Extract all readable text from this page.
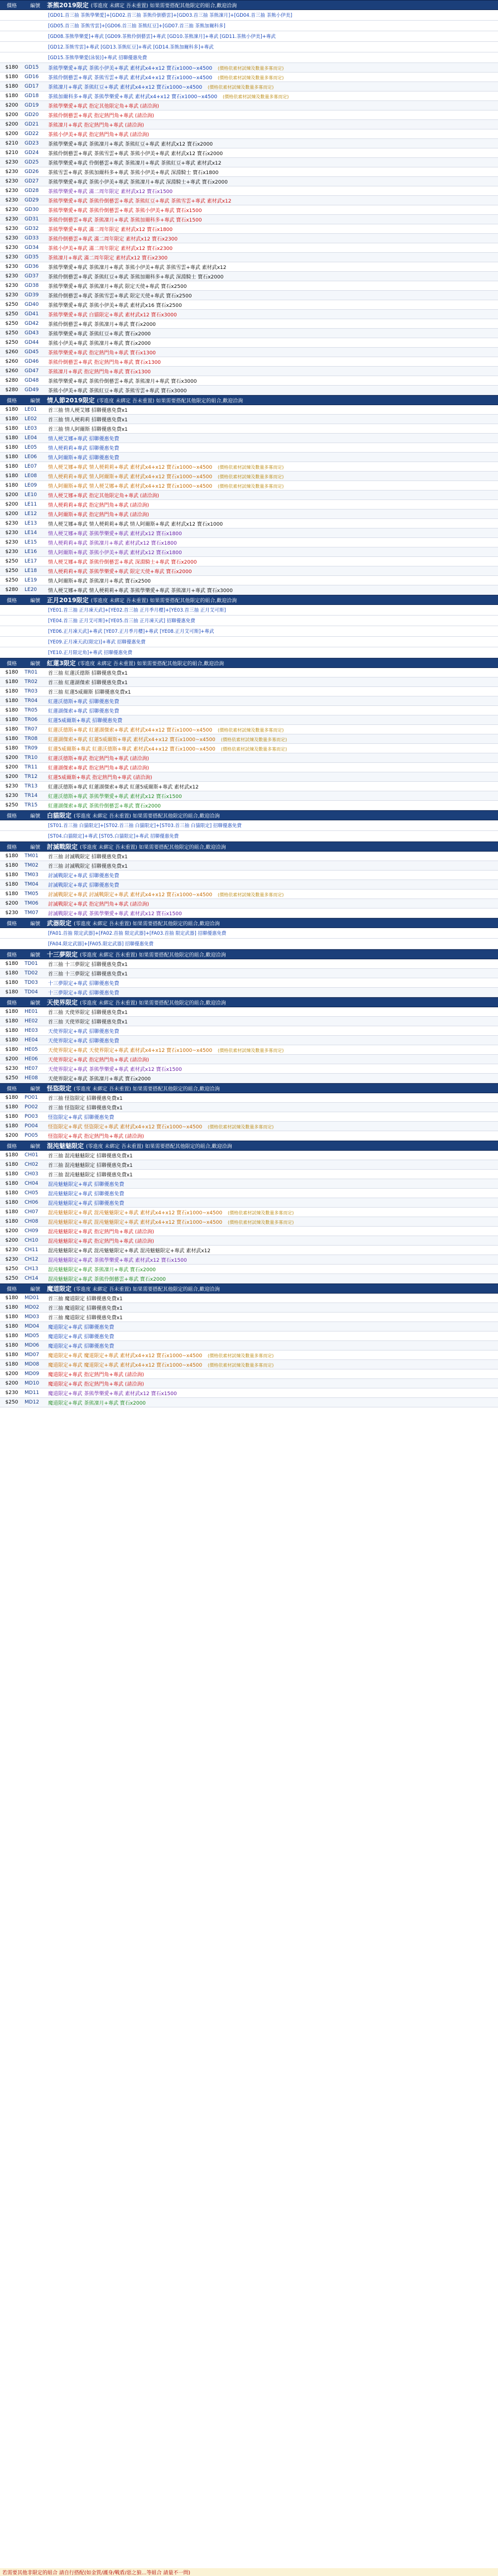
價格	編號	茶熊2019限定 (零進度 未綁定 吾未重置) 如果需要搭配其他限定的組合,歡迎洽詢
[GD01.首三抽 茶熊學樂愛]+[GD02.首三抽 茶熊伶倒藝雲]+[GD03.首三抽 茶熊凜月]+[GD04.首三抽 茶熊小伊美]
[GD05.首三抽 茶熊雪雲]+[GD06.首三抽 茶熊紅豆]+[GD07.首三抽 茶熊加爾科多]
[GD08.茶熊學樂愛]+專武 [GD09.茶熊伶倒藝雲]+專武 [GD10.茶熊凜月]+專武 [GD11.茶熊小伊美]+專武
[GD12.茶熊雪雲]+專武 [GD13.茶熊紅豆]+專武 [GD14.茶熊加爾科多]+專武
[GD15.茶熊學樂愛(泳裝)]+專武 招聯優惠免費
$180	GD15	茶熊學樂愛+專武 茶熊小伊美+專武 素材武x4+x12 寶石x1000~x4500 (價格依素材試煉及數量多寡而定)
$180	GD16	茶熊伶倒藝雲+專武 茶熊雪雲+專武 素材武x4+x12 寶石x1000~x4500 (價格依素材試煉及數量多寡而定)
$180	GD17	茶熊凜月+專武 茶熊紅豆+專武 素材武x4+x12 寶石x1000~x4500 (價格依素材試煉及數量多寡而定)
$180	GD18	茶熊加爾科多+專武 茶熊學樂愛+專武 素材武x4+x12 寶石x1000~x4500 (價格依素材試煉及數量多寡而定)
$200	GD19	茶熊學樂愛+專武 指定其他限定角+專武 (請洽詢)
$200	GD20	茶熊伶倒藝雲+專武 指定熱門角+專武 (請洽詢)
$200	GD21	茶熊凜月+專武 指定熱門角+專武 (請洽詢)
$200	GD22	茶熊小伊美+專武 指定熱門角+專武 (請洽詢)
$210	GD23	茶熊學樂愛+專武 茶熊凜月+專武 茶熊紅豆+專武 素材武x12 寶石x2000
$210	GD24	茶熊伶倒藝雲+專武 茶熊雪雲+專武 茶熊小伊美+專武 素材武x12 寶石x2000
$230	GD25	茶熊學樂愛+專武 伶倒藝雲+專武 茶熊凜月+專武 茶熊紅豆+專武 素材武x12
$230	GD26	茶熊雪雲+專武 茶熊加爾科多+專武 茶熊小伊美+專武 深淵騎士 寶石x1800
$230	GD27	茶熊學樂愛+專武 茶熊小伊美+專武 茶熊凜月+專武 深淵騎士+專武 寶石x2000
$230	GD28	茶熊學樂愛+專武 滿二周年限定 素材武x12 寶石x1500
$230	GD29	茶熊學樂愛+專武 茶熊伶倒藝雲+專武 茶熊紅豆+專武 茶熊雪雲+專武 素材武x12
$230	GD30	茶熊學樂愛+專武 茶熊伶倒藝雲+專武 茶熊小伊美+專武 寶石x1500
$230	GD31	茶熊伶倒藝雲+專武 茶熊凜月+專武 茶熊加爾科多+專武 寶石x1500
$230	GD32	茶熊學樂愛+專武 滿二周年限定 素材武x12 寶石x1800
$230	GD33	茶熊伶倒藝雲+專武 滿二周年限定 素材武x12 寶石x2300
$230	GD34	茶熊小伊美+專武 滿二周年限定 素材武x12 寶石x2300
$230	GD35	茶熊凜月+專武 滿二周年限定 素材武x12 寶石x2300
$230	GD36	茶熊學樂愛+專武 茶熊凜月+專武 茶熊小伊美+專武 茶熊雪雲+專武 素材武x12
$230	GD37	茶熊伶倒藝雲+專武 茶熊紅豆+專武 茶熊加爾科多+專武 深淵騎士 寶石x2000
$230	GD38	茶熊學樂愛+專武 茶熊凜月+專武 限定天使+專武 寶石x2500
$230	GD39	茶熊伶倒藝雲+專武 茶熊雪雲+專武 限定天使+專武 寶石x2500
$250	GD40	茶熊學樂愛+專武 茶熊小伊美+專武 素材武x16 寶石x2500
$250	GD41	茶熊學樂愛+專武 白貓限定+專武 素材武x12 寶石x3000
$250	GD42	茶熊伶倒藝雲+專武 茶熊凜月+專武 寶石x2000
$250	GD43	茶熊學樂愛+專武 茶熊紅豆+專武 寶石x2000
$250	GD44	茶熊小伊美+專武 茶熊凜月+專武 寶石x2000
$260	GD45	茶熊學樂愛+專武 指定熱門角+專武 寶石x1300
$260	GD46	茶熊伶倒藝雲+專武 指定熱門角+專武 寶石x1300
$260	GD47	茶熊凜月+專武 指定熱門角+專武 寶石x1300
$280	GD48	茶熊學樂愛+專武 茶熊伶倒藝雲+專武 茶熊凜月+專武 寶石x3000
$280	GD49	茶熊小伊美+專武 茶熊紅豆+專武 茶熊雪雲+專武 寶石x3000
價格	編號	情人節2019限定 (零進度 未綁定 吾未重置) 如果需要搭配其他限定的組合,歡迎洽詢
$180	LE01	首三抽 情人梗艾娜 招聯優惠免費x1
$180	LE02	首三抽 情人梗莉莉 招聯優惠免費x1
$180	LE03	首三抽 情人阿爾斯 招聯優惠免費x1
$180	LE04	情人梗艾娜+專武 招聯優惠免費
$180	LE05	情人梗莉莉+專武 招聯優惠免費
$180	LE06	情人阿爾斯+專武 招聯優惠免費
$180	LE07	情人梗艾娜+專武 情人梗莉莉+專武 素材武x4+x12 寶石x1000~x4500 (價格依素材試煉及數量多寡而定)
$180	LE08	情人梗莉莉+專武 情人阿爾斯+專武 素材武x4+x12 寶石x1000~x4500 (價格依素材試煉及數量多寡而定)
$180	LE09	情人阿爾斯+專武 情人梗艾娜+專武 素材武x4+x12 寶石x1000~x4500 (價格依素材試煉及數量多寡而定)
$200	LE10	情人梗艾娜+專武 指定其他限定角+專武 (請洽詢)
$200	LE11	情人梗莉莉+專武 指定熱門角+專武 (請洽詢)
$200	LE12	情人阿爾斯+專武 指定熱門角+專武 (請洽詢)
$230	LE13	情人梗艾娜+專武 情人梗莉莉+專武 情人阿爾斯+專武 素材武x12 寶石x1000
$230	LE14	情人梗艾娜+專武 茶熊學樂愛+專武 素材武x12 寶石x1800
$230	LE15	情人梗莉莉+專武 茶熊凜月+專武 素材武x12 寶石x1800
$230	LE16	情人阿爾斯+專武 茶熊小伊美+專武 素材武x12 寶石x1800
$250	LE17	情人梗艾娜+專武 茶熊伶倒藝雲+專武 深淵騎士+專武 寶石x2000
$250	LE18	情人梗莉莉+專武 茶熊學樂愛+專武 限定天使+專武 寶石x2000
$250	LE19	情人阿爾斯+專武 茶熊凜月+專武 寶石x2500
$280	LE20	情人梗艾娜+專武 情人梗莉莉+專武 茶熊學樂愛+專武 茶熊凜月+專武 寶石x3000
價格	編號	正月2019限定 (零進度 未綁定 吾未重置) 如果需要搭配其他限定的組合,歡迎洽詢
[YE01.首三抽 正月凍天武]+[YE02.首三抽 正月季月櫻]+[YE03.首三抽 正月艾可斯]
[YE04.首三抽 正月艾可斯]+[YE05.首三抽 正月凍天武] 招聯優惠免費
[YE06.正月凍天武]+專武 [YE07.正月季月櫻]+專武 [YE08.正月艾可斯]+專武
[YE09.正月凍天武(限定)]+專武 招聯優惠免費
[YE10.正月限定角]+專武 招聯優惠免費
價格	編號	紅蓮3限定 (零進度 未綁定 吾未重置) 如果需要搭配其他限定的組合,歡迎洽詢
$180	TR01	首三抽 紅蓮沃德斯 招聯優惠免費x1
$180	TR02	首三抽 紅蓮湖傑索 招聯優惠免費x1
$180	TR03	首三抽 紅蓮5威爾斯 招聯優惠免費x1
$180	TR04	紅蓮沃德斯+專武 招聯優惠免費
$180	TR05	紅蓮湖傑索+專武 招聯優惠免費
$180	TR06	紅蓮5威爾斯+專武 招聯優惠免費
$180	TR07	紅蓮沃德斯+專武 紅蓮湖傑索+專武 素材武x4+x12 寶石x1000~x4500 (價格依素材試煉及數量多寡而定)
$180	TR08	紅蓮湖傑索+專武 紅蓮5威爾斯+專武 素材武x4+x12 寶石x1000~x4500 (價格依素材試煉及數量多寡而定)
$180	TR09	紅蓮5威爾斯+專武 紅蓮沃德斯+專武 素材武x4+x12 寶石x1000~x4500 (價格依素材試煉及數量多寡而定)
$200	TR10	紅蓮沃德斯+專武 指定熱門角+專武 (請洽詢)
$200	TR11	紅蓮湖傑索+專武 指定熱門角+專武 (請洽詢)
$200	TR12	紅蓮5威爾斯+專武 指定熱門角+專武 (請洽詢)
$230	TR13	紅蓮沃德斯+專武 紅蓮湖傑索+專武 紅蓮5威爾斯+專武 素材武x12
$230	TR14	紅蓮沃德斯+專武 茶熊學樂愛+專武 素材武x12 寶石x1500
$250	TR15	紅蓮湖傑索+專武 茶熊伶倒藝雲+專武 寶石x2000
價格	編號	白貓限定 (零進度 未綁定 吾未重置) 如果需要搭配其他限定的組合,歡迎洽詢
[ST01.首三抽 白貓限定]+[ST02.首三抽 白貓限定]+[ST03.首三抽 白貓限定] 招聯優惠免費
[ST04.白貓限定]+專武 [ST05.白貓限定]+專武 招聯優惠免費
價格	編號	討滅戰限定 (零進度 未綁定 吾未重置) 如果需要搭配其他限定的組合,歡迎洽詢
$180	TM01	首三抽 討滅戰限定 招聯優惠免費x1
$180	TM02	首三抽 討滅戰限定 招聯優惠免費x1
$180	TM03	討滅戰限定+專武 招聯優惠免費
$180	TM04	討滅戰限定+專武 招聯優惠免費
$180	TM05	討滅戰限定+專武 討滅戰限定+專武 素材武x4+x12 寶石x1000~x4500 (價格依素材試煉及數量多寡而定)
$200	TM06	討滅戰限定+專武 指定熱門角+專武 (請洽詢)
$230	TM07	討滅戰限定+專武 茶熊學樂愛+專武 素材武x12 寶石x1500
價格	編號	武器限定 (零進度 未綁定 吾未重置) 如果需要搭配其他限定的組合,歡迎洽詢
[FA01.首抽 限定武器]+[FA02.首抽 限定武器]+[FA03.首抽 限定武器] 招聯優惠免費
[FA04.限定武器]+[FA05.限定武器] 招聯優惠免費
價格	編號	十三夢限定 (零進度 未綁定 吾未重置) 如果需要搭配其他限定的組合,歡迎洽詢
$180	TD01	首三抽 十三夢限定 招聯優惠免費x1
$180	TD02	首三抽 十三夢限定 招聯優惠免費x1
$180	TD03	十三夢限定+專武 招聯優惠免費
$180	TD04	十三夢限定+專武 招聯優惠免費
價格	編號	天使界限定 (零進度 未綁定 吾未重置) 如果需要搭配其他限定的組合,歡迎洽詢
$180	HE01	首三抽 天使界限定 招聯優惠免費x1
$180	HE02	首三抽 天使界限定 招聯優惠免費x1
$180	HE03	天使界限定+專武 招聯優惠免費
$180	HE04	天使界限定+專武 招聯優惠免費
$180	HE05	天使界限定+專武 天使界限定+專武 素材武x4+x12 寶石x1000~x4500 (價格依素材試煉及數量多寡而定)
$200	HE06	天使界限定+專武 指定熱門角+專武 (請洽詢)
$230	HE07	天使界限定+專武 茶熊學樂愛+專武 素材武x12 寶石x1500
$250	HE08	天使界限定+專武 茶熊凜月+專武 寶石x2000
價格	編號	怪盜限定 (零進度 未綁定 吾未重置) 如果需要搭配其他限定的組合,歡迎洽詢
$180	PO01	首三抽 怪盜限定 招聯優惠免費x1
$180	PO02	首三抽 怪盜限定 招聯優惠免費x1
$180	PO03	怪盜限定+專武 招聯優惠免費
$180	PO04	怪盜限定+專武 怪盜限定+專武 素材武x4+x12 寶石x1000~x4500 (價格依素材試煉及數量多寡而定)
$200	PO05	怪盜限定+專武 指定熱門角+專武 (請洽詢)
價格	編號	混沌魅魅限定 (零進度 未綁定 吾未重置) 如果需要搭配其他限定的組合,歡迎洽詢
$180	CH01	首三抽 混沌魅魅限定 招聯優惠免費x1
$180	CH02	首三抽 混沌魅魅限定 招聯優惠免費x1
$180	CH03	首三抽 混沌魅魅限定 招聯優惠免費x1
$180	CH04	混沌魅魅限定+專武 招聯優惠免費
$180	CH05	混沌魅魅限定+專武 招聯優惠免費
$180	CH06	混沌魅魅限定+專武 招聯優惠免費
$180	CH07	混沌魅魅限定+專武 混沌魅魅限定+專武 素材武x4+x12 寶石x1000~x4500 (價格依素材試煉及數量多寡而定)
$180	CH08	混沌魅魅限定+專武 混沌魅魅限定+專武 素材武x4+x12 寶石x1000~x4500 (價格依素材試煉及數量多寡而定)
$200	CH09	混沌魅魅限定+專武 指定熱門角+專武 (請洽詢)
$200	CH10	混沌魅魅限定+專武 指定熱門角+專武 (請洽詢)
$230	CH11	混沌魅魅限定+專武 混沌魅魅限定+專武 混沌魅魅限定+專武 素材武x12
$230	CH12	混沌魅魅限定+專武 茶熊學樂愛+專武 素材武x12 寶石x1500
$250	CH13	混沌魅魅限定+專武 茶熊凜月+專武 寶石x2000
$250	CH14	混沌魅魅限定+專武 茶熊伶倒藝雲+專武 寶石x2000
價格	編號	魔道限定 (零進度 未綁定 吾未重置) 如果需要搭配其他限定的組合,歡迎洽詢
$180	MD01	首三抽 魔道限定 招聯優惠免費x1
$180	MD02	首三抽 魔道限定 招聯優惠免費x1
$180	MD03	首三抽 魔道限定 招聯優惠免費x1
$180	MD04	魔道限定+專武 招聯優惠免費
$180	MD05	魔道限定+專武 招聯優惠免費
$180	MD06	魔道限定+專武 招聯優惠免費
$180	MD07	魔道限定+專武 魔道限定+專武 素材武x4+x12 寶石x1000~x4500 (價格依素材試煉及數量多寡而定)
$180	MD08	魔道限定+專武 魔道限定+專武 素材武x4+x12 寶石x1000~x4500 (價格依素材試煉及數量多寡而定)
$200	MD09	魔道限定+專武 指定熱門角+專武 (請洽詢)
$200	MD10	魔道限定+專武 指定熱門角+專武 (請洽詢)
$230	MD11	魔道限定+專武 茶熊學樂愛+專武 素材武x12 寶石x1500
$250	MD12	魔道限定+專武 茶熊凜月+專武 寶石x2000
若需要其他非限定的組合 請自行搭配(如金質/護身/戰盾/惡之狼…等組合 請量不一問)
